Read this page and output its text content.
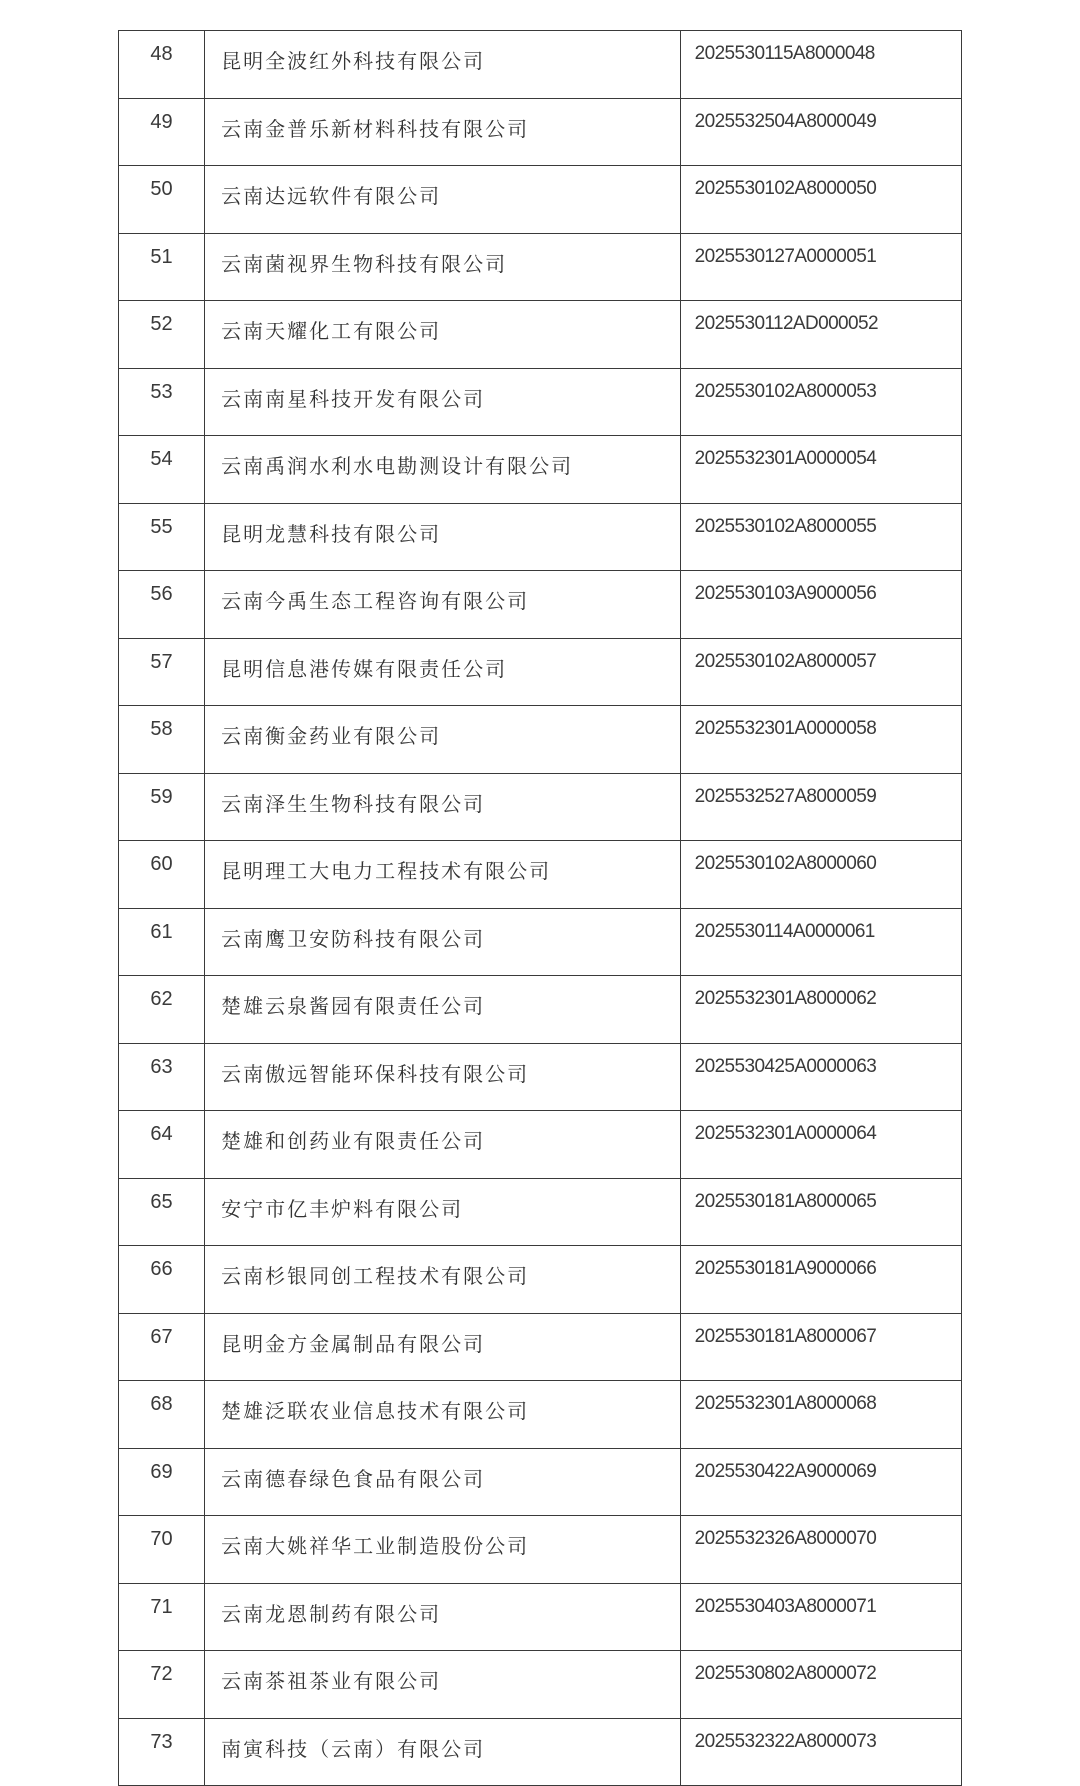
48	昆明全波红外科技有限公司	2025530115A8000048
49	云南金普乐新材料科技有限公司	2025532504A8000049
50	云南达远软件有限公司	2025530102A8000050
51	云南菌视界生物科技有限公司	2025530127A0000051
52	云南天耀化工有限公司	2025530112AD000052
53	云南南星科技开发有限公司	2025530102A8000053
54	云南禹润水利水电勘测设计有限公司	2025532301A0000054
55	昆明龙慧科技有限公司	2025530102A8000055
56	云南今禹生态工程咨询有限公司	2025530103A9000056
57	昆明信息港传媒有限责任公司	2025530102A8000057
58	云南衡金药业有限公司	2025532301A0000058
59	云南泽生生物科技有限公司	2025532527A8000059
60	昆明理工大电力工程技术有限公司	2025530102A8000060
61	云南鹰卫安防科技有限公司	2025530114A0000061
62	楚雄云泉酱园有限责任公司	2025532301A8000062
63	云南傲远智能环保科技有限公司	2025530425A0000063
64	楚雄和创药业有限责任公司	2025532301A0000064
65	安宁市亿丰炉料有限公司	2025530181A8000065
66	云南杉银同创工程技术有限公司	2025530181A9000066
67	昆明金方金属制品有限公司	2025530181A8000067
68	楚雄泛联农业信息技术有限公司	2025532301A8000068
69	云南德春绿色食品有限公司	2025530422A9000069
70	云南大姚祥华工业制造股份公司	2025532326A8000070
71	云南龙恩制药有限公司	2025530403A8000071
72	云南茶祖茶业有限公司	2025530802A8000072
73	南寅科技（云南）有限公司	2025532322A8000073
